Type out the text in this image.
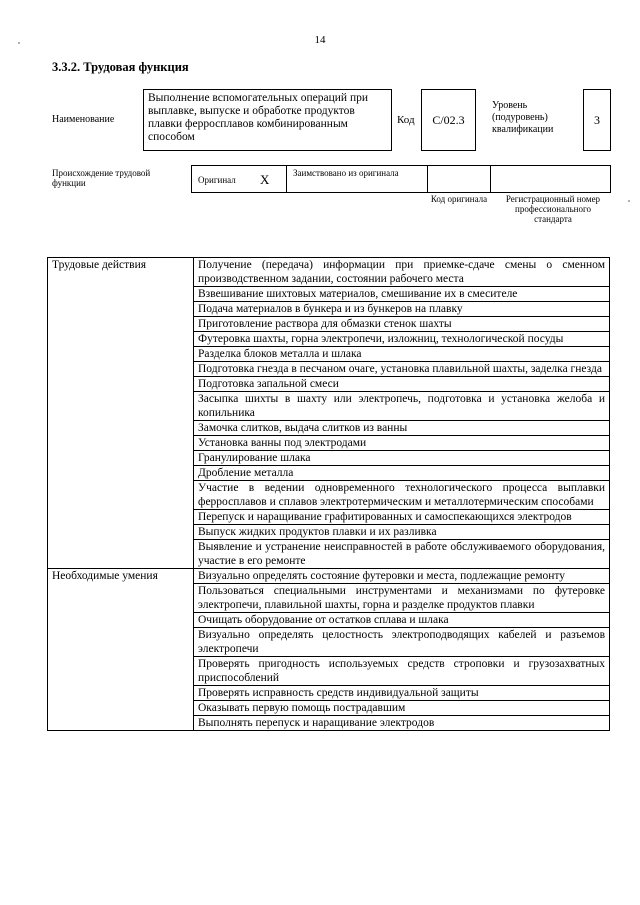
14
3.3.2. Трудовая функция
Наименование
Выполнение вспомогательных операций при выплавке, выпуске и обработке продуктов плавки ферросплавов комбинированным способом
Код	С/02.3
Уровень (подуровень) квалификации
3
Происхождение трудовой функции	Оригинал X	Заимствовано из оригинала
Код оригинала	Регистрационный номер профессионального стандарта
Трудовые действия	Получение (передача) информации при приемке-сдаче смены о сменном производственном задании, состоянии рабочего места
	Взвешивание шихтовых материалов, смешивание их в смесителе
	Подача материалов в бункера и из бункеров на плавку
	Приготовление раствора для обмазки стенок шахты
	Футеровка шахты, горна электропечи, изложниц, технологической посуды
	Разделка блоков металла и шлака
	Подготовка гнезда в песчаном очаге, установка плавильной шахты, заделка гнезда
	Подготовка запальной смеси
	Засыпка шихты в шахту или электропечь, подготовка и установка желоба и копильника
	Замочка слитков, выдача слитков из ванны
	Установка ванны под электродами
	Гранулирование шлака
	Дробление металла
	Участие в ведении одновременного технологического процесса выплавки ферросплавов и сплавов электротермическим и металлотермическим способами
	Перепуск и наращивание графитированных и самоспекающихся электродов
	Выпуск жидких продуктов плавки и их разливка
	Выявление и устранение неисправностей в работе обслуживаемого оборудования, участие в его ремонте
Необходимые умения	Визуально определять состояние футеровки и места, подлежащие ремонту
	Пользоваться специальными инструментами и механизмами по футеровке электропечи, плавильной шахты, горна и разделке продуктов плавки
	Очищать оборудование от остатков сплава и шлака
	Визуально определять целостность электроподводящих кабелей и разъемов электропечи
	Проверять пригодность используемых средств строповки и грузозахватных приспособлений
	Проверять исправность средств индивидуальной защиты
	Оказывать первую помощь пострадавшим
	Выполнять перепуск и наращивание электродов
